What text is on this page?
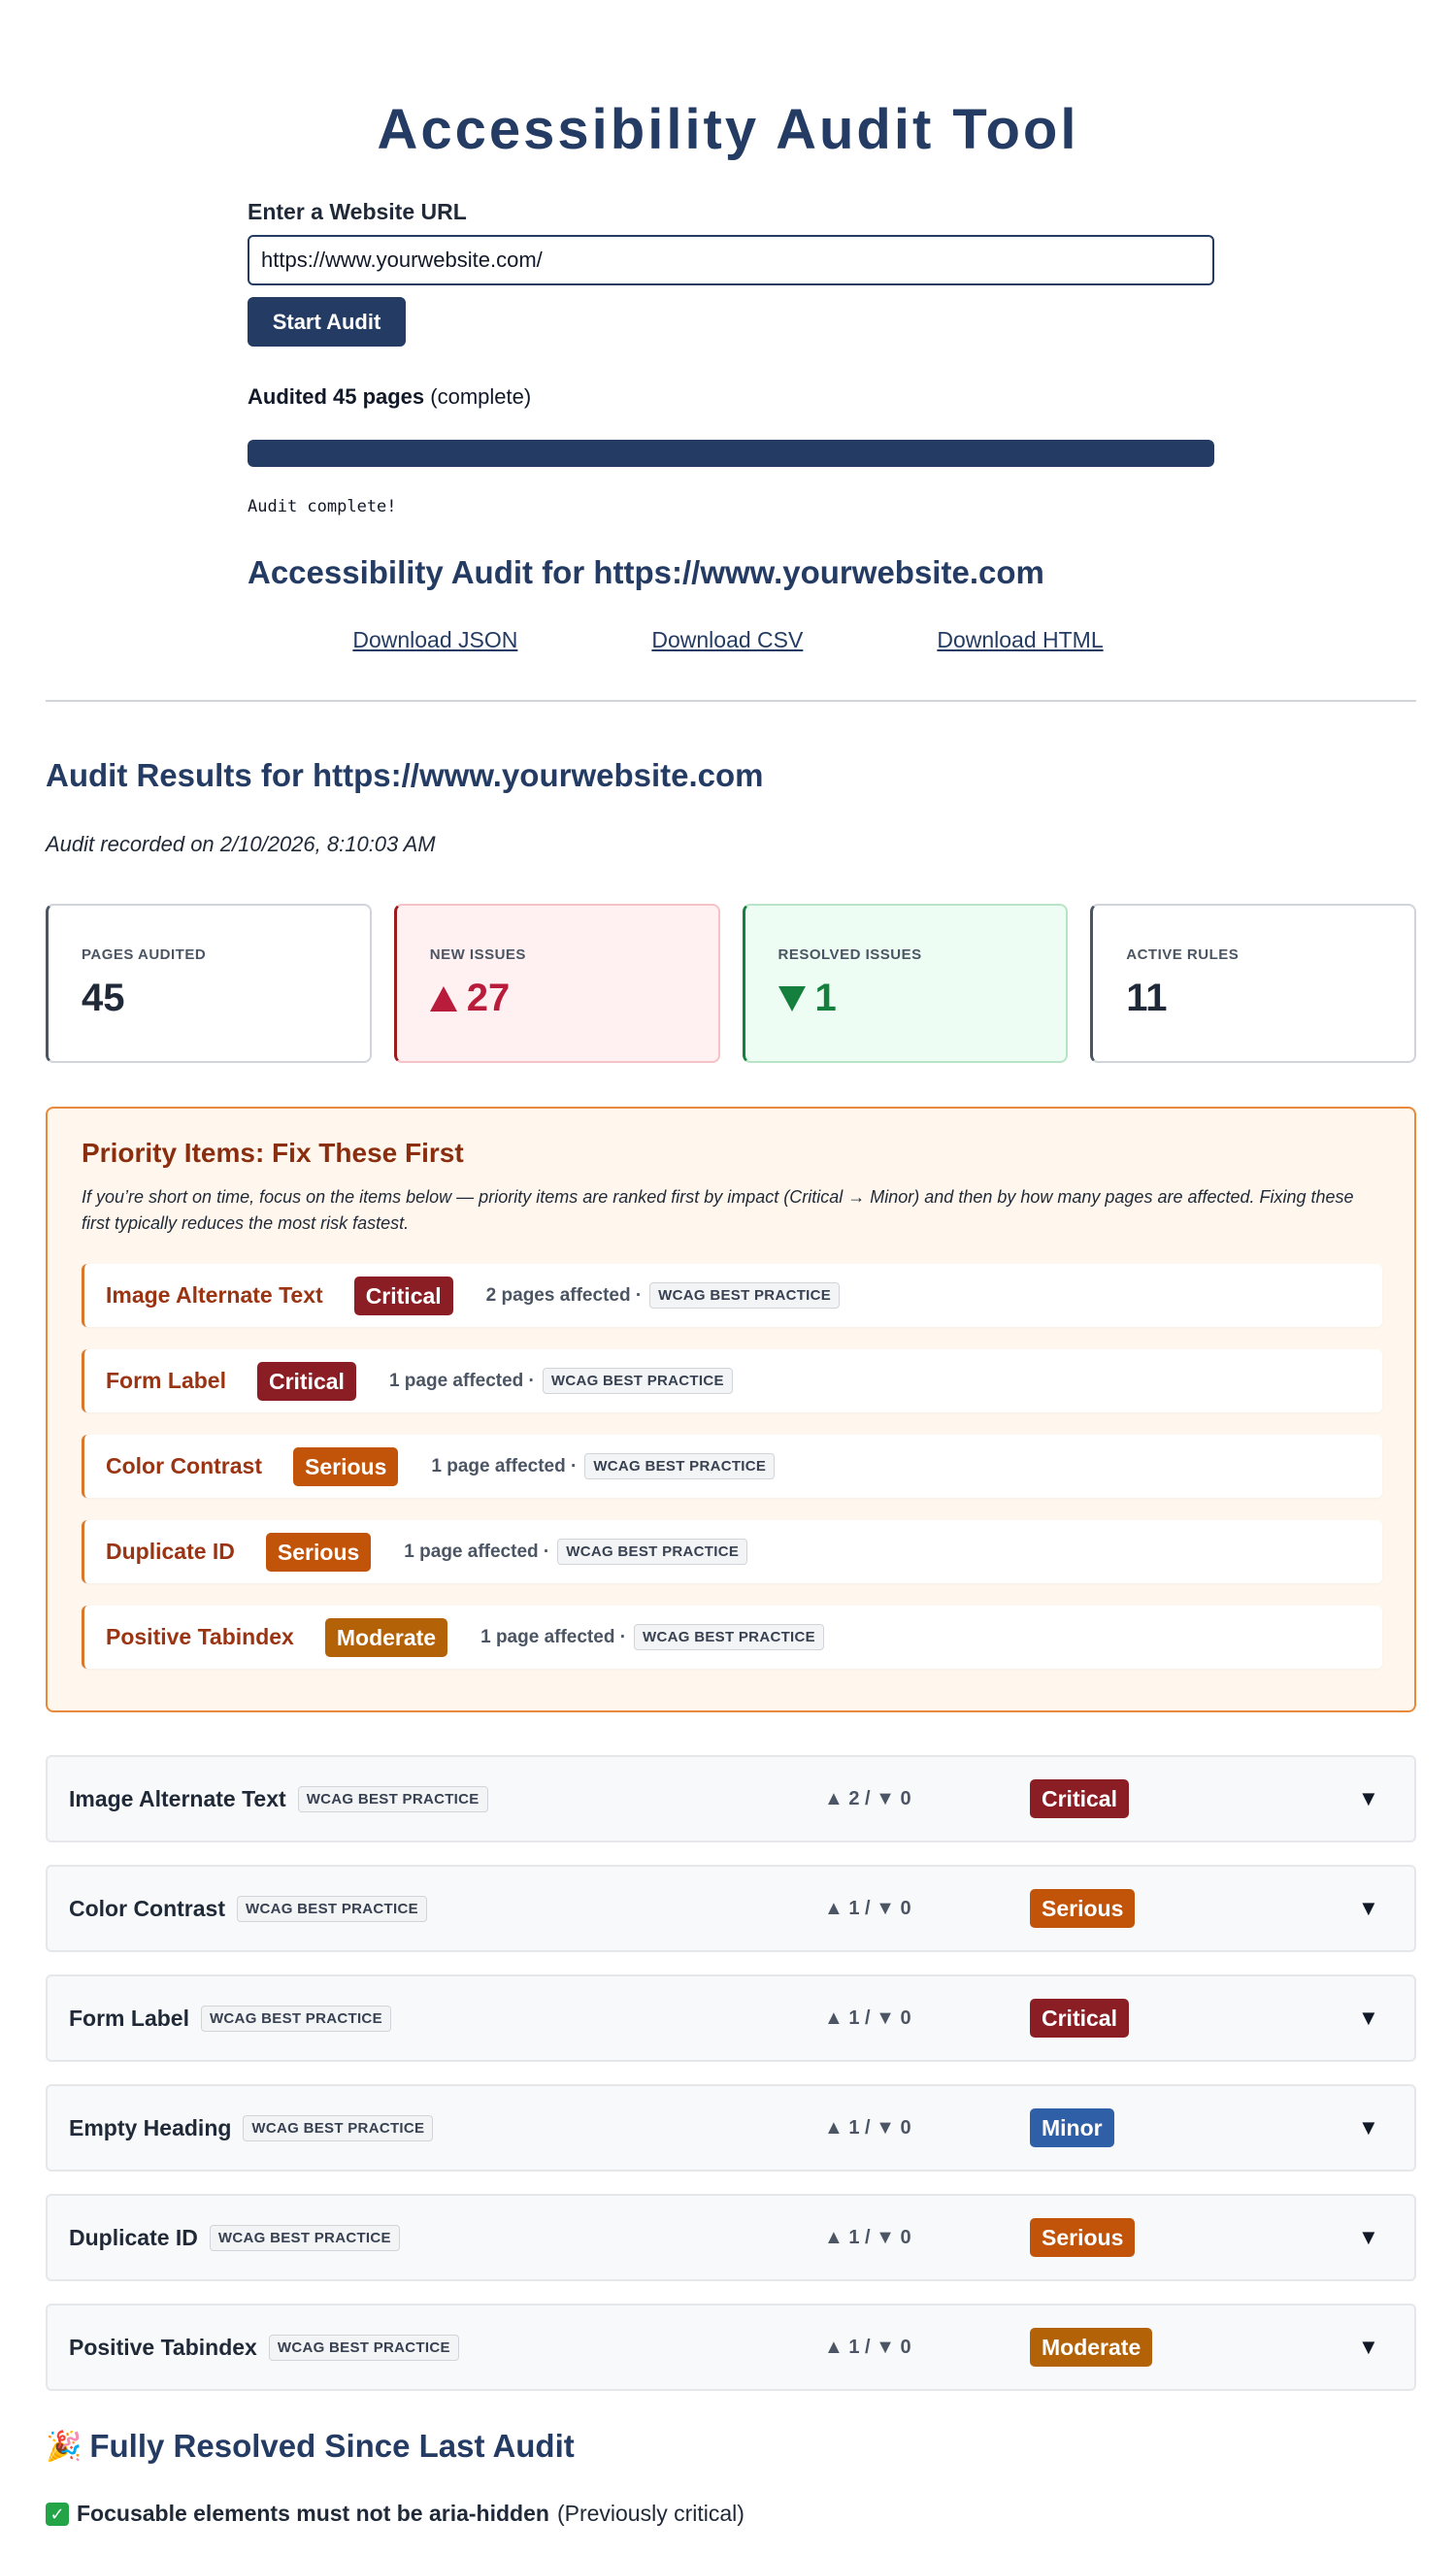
Accessibility Audit Tool
Enter a Website URL
https://www.yourwebsite.com/
Start Audit
Audited 45 pages (complete)
Audit complete!
Accessibility Audit for https://www.yourwebsite.com
Download JSON	Download CSV	Download HTML
Audit Results for https://www.yourwebsite.com
Audit recorded on 2/10/2026, 8:10:03 AM
PAGES AUDITED
45
NEW ISSUES
27
RESOLVED ISSUES
1
ACTIVE RULES
11
Priority Items: Fix These First

If you’re short on time, focus on the items below — priority items are ranked first by impact (Critical → Minor) and then by how many pages are affected. Fixing these first typically reduces the most risk fastest.

Image Alternate Text	Critical	2 pages affected ·	WCAG BEST PRACTICE
Form Label	Critical	1 page affected ·	WCAG BEST PRACTICE
Color Contrast	Serious	1 page affected ·	WCAG BEST PRACTICE
Duplicate ID	Serious	1 page affected ·	WCAG BEST PRACTICE
Positive Tabindex	Moderate	1 page affected ·	WCAG BEST PRACTICE
Image Alternate Text	WCAG BEST PRACTICE	▲ 2 / ▼ 0	Critical	▼
Color Contrast	WCAG BEST PRACTICE	▲ 1 / ▼ 0	Serious	▼
Form Label	WCAG BEST PRACTICE	▲ 1 / ▼ 0	Critical	▼
Empty Heading	WCAG BEST PRACTICE	▲ 1 / ▼ 0	Minor	▼
Duplicate ID	WCAG BEST PRACTICE	▲ 1 / ▼ 0	Serious	▼
Positive Tabindex	WCAG BEST PRACTICE	▲ 1 / ▼ 0	Moderate	▼
🎉 Fully Resolved Since Last Audit
✓ Focusable elements must not be aria-hidden (Previously critical)
